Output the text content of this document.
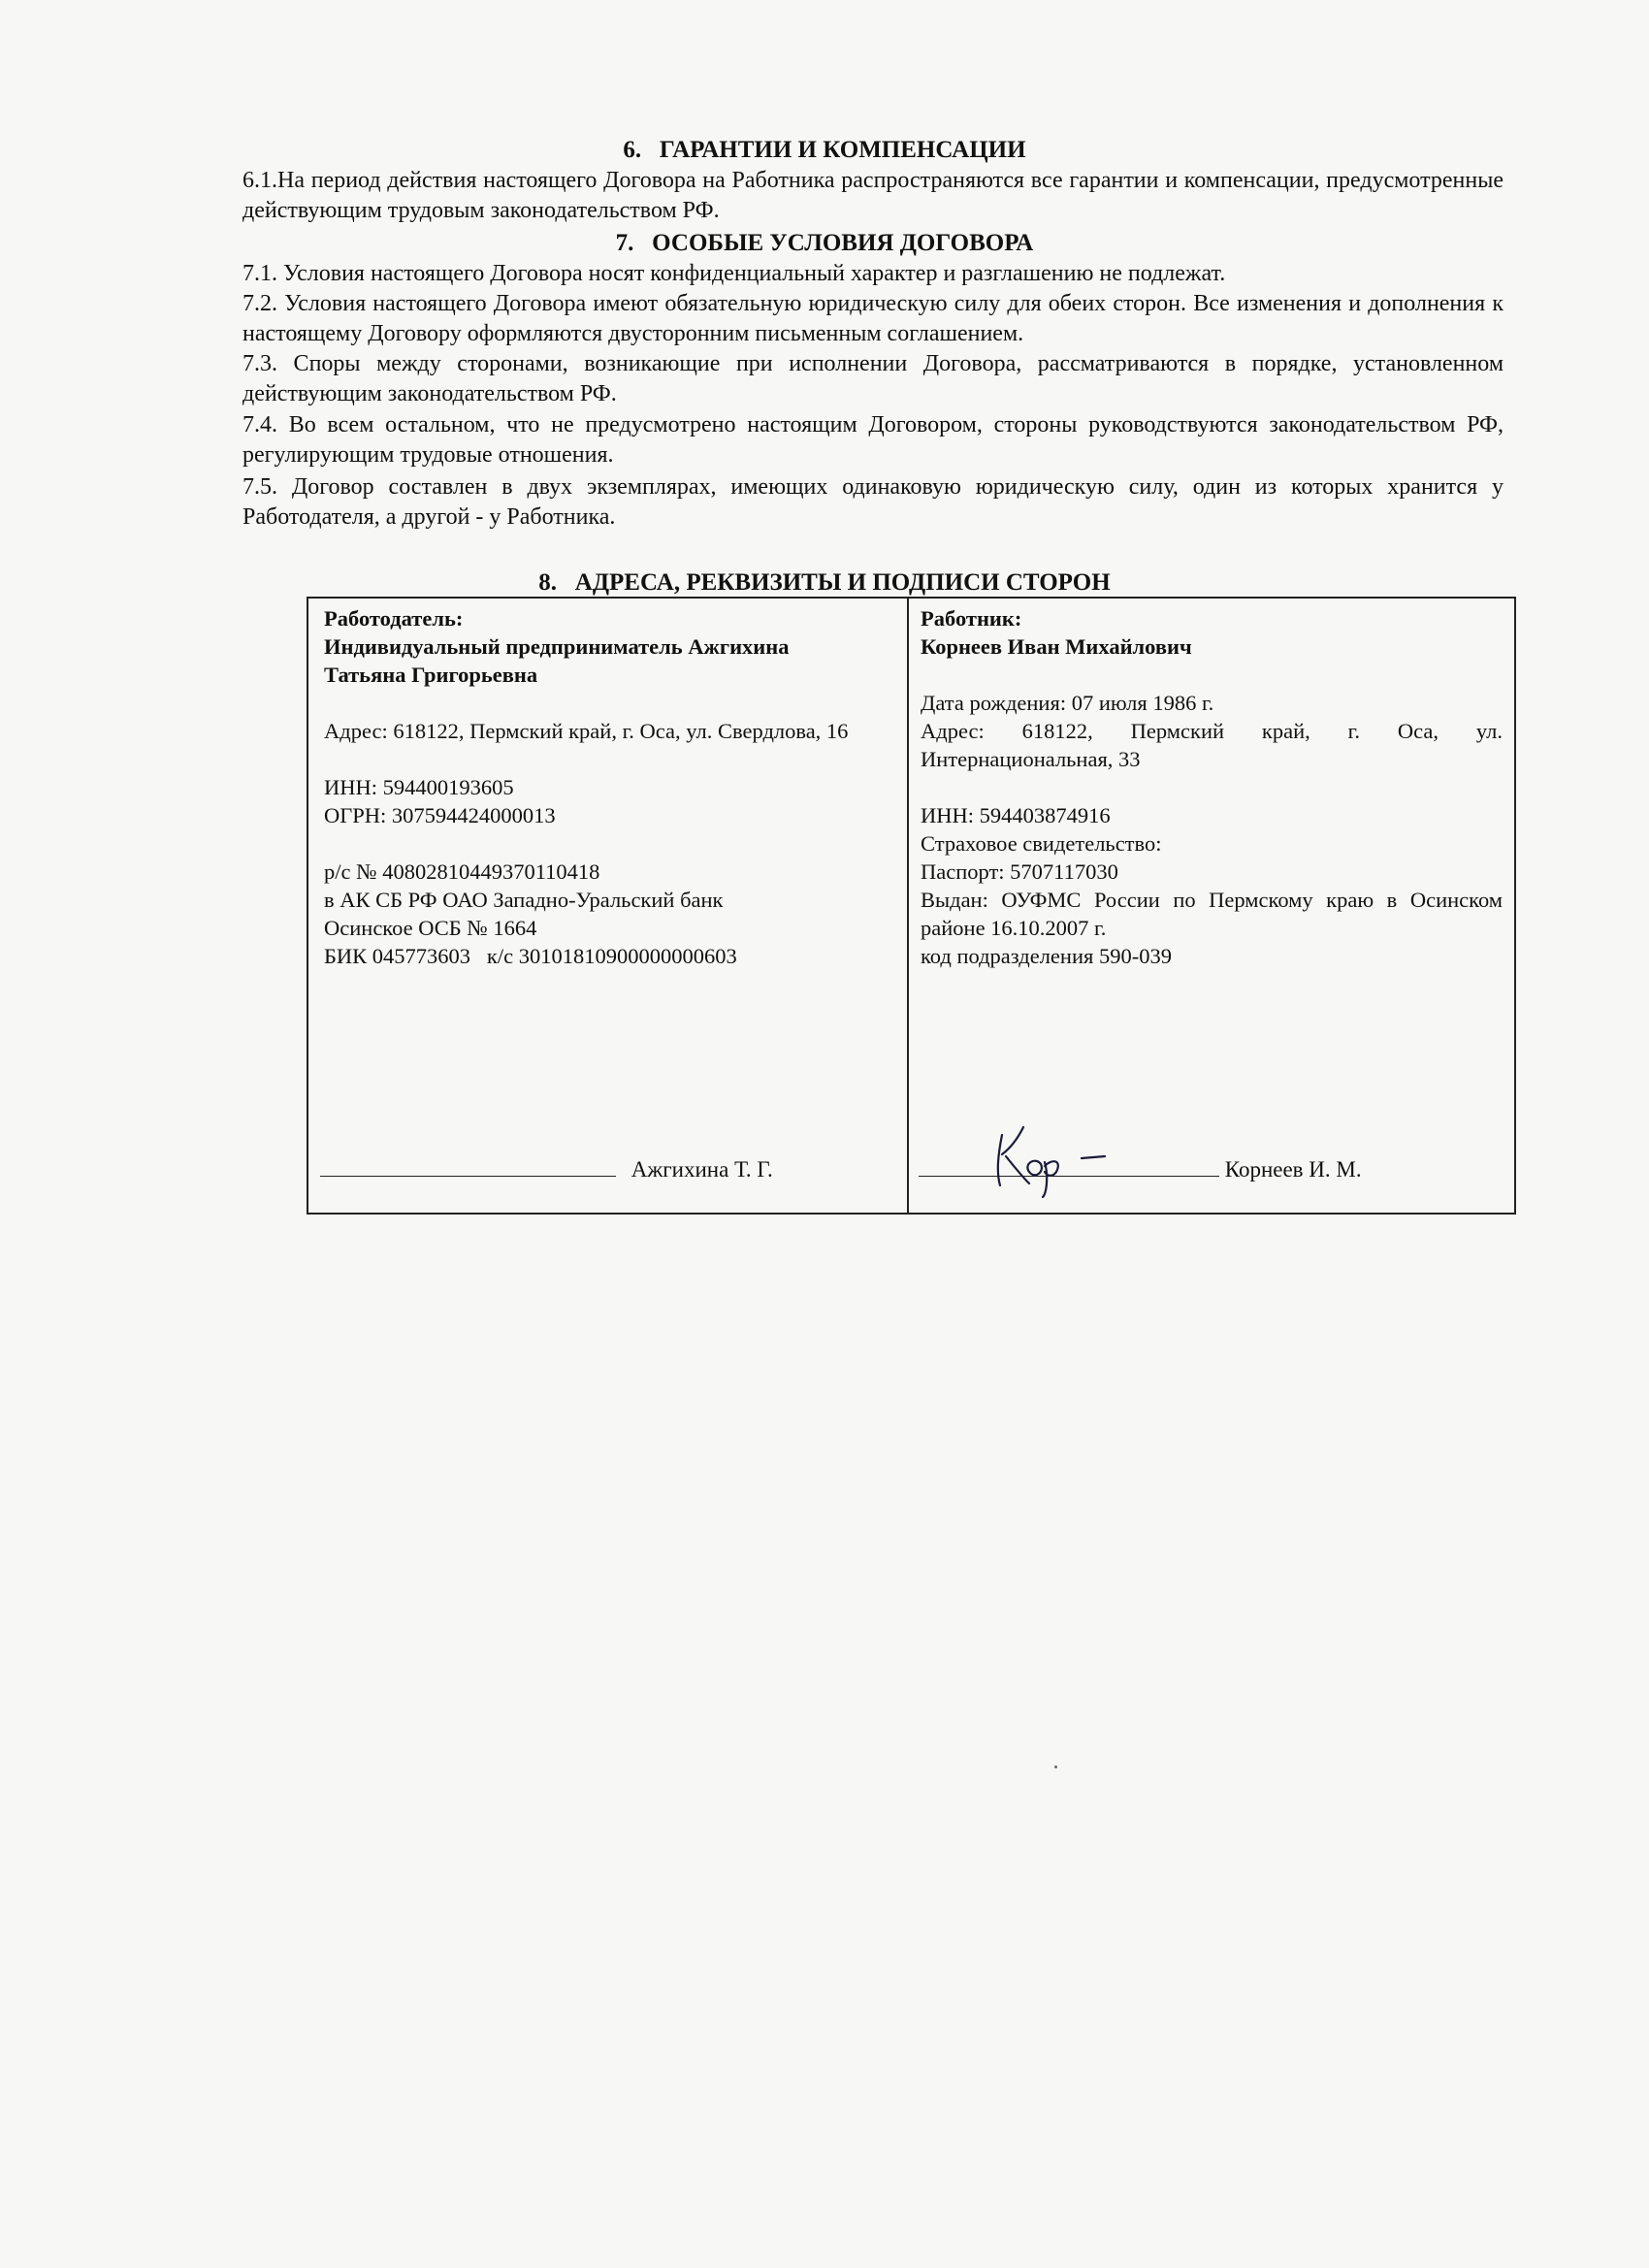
6.   ГАРАНТИИ И КОМПЕНСАЦИИ
6.1.На период действия настоящего Договора на Работника распространяются все гарантии и компенсации, предусмотренные действующим трудовым законодательством РФ.
7.   ОСОБЫЕ УСЛОВИЯ ДОГОВОРА
7.1. Условия настоящего Договора носят конфиденциальный характер и разглашению не подлежат.
7.2. Условия настоящего Договора имеют обязательную юридическую силу для обеих сторон. Все изменения и дополнения к настоящему Договору оформляются двусторонним письменным соглашением.
7.3. Споры между сторонами, возникающие при исполнении Договора, рассматриваются в порядке, установленном действующим законодательством РФ.
7.4. Во всем остальном, что не предусмотрено настоящим Договором, стороны руководствуются законодательством РФ, регулирующим трудовые отношения.
7.5. Договор составлен в двух экземплярах, имеющих одинаковую юридическую силу, один из которых хранится у Работодателя, а другой - у Работника.
8.   АДРЕСА, РЕКВИЗИТЫ И ПОДПИСИ СТОРОН
Работодатель:
Индивидуальный предприниматель Ажгихина
Татьяна Григорьевна
Адрес: 618122, Пермский край, г. Оса, ул. Свердлова, 16
ИНН: 594400193605
ОГРН: 307594424000013
р/с № 40802810449370110418
в АК СБ РФ ОАО Западно-Уральский банк
Осинское ОСБ № 1664
БИК 045773603   к/с 30101810900000000603
Работник:
Корнеев Иван Михайлович
Дата рождения: 07 июля 1986 г.
Адрес: 618122, Пермский край, г. Оса, ул. Интернациональная, 33
ИНН: 594403874916
Страховое свидетельство:
Паспорт: 5707117030
Выдан: ОУФМС России по Пермскому краю в Осинском районе 16.10.2007 г.
код подразделения 590-039
Ажгихина Т. Г.	Корнеев И. М.
